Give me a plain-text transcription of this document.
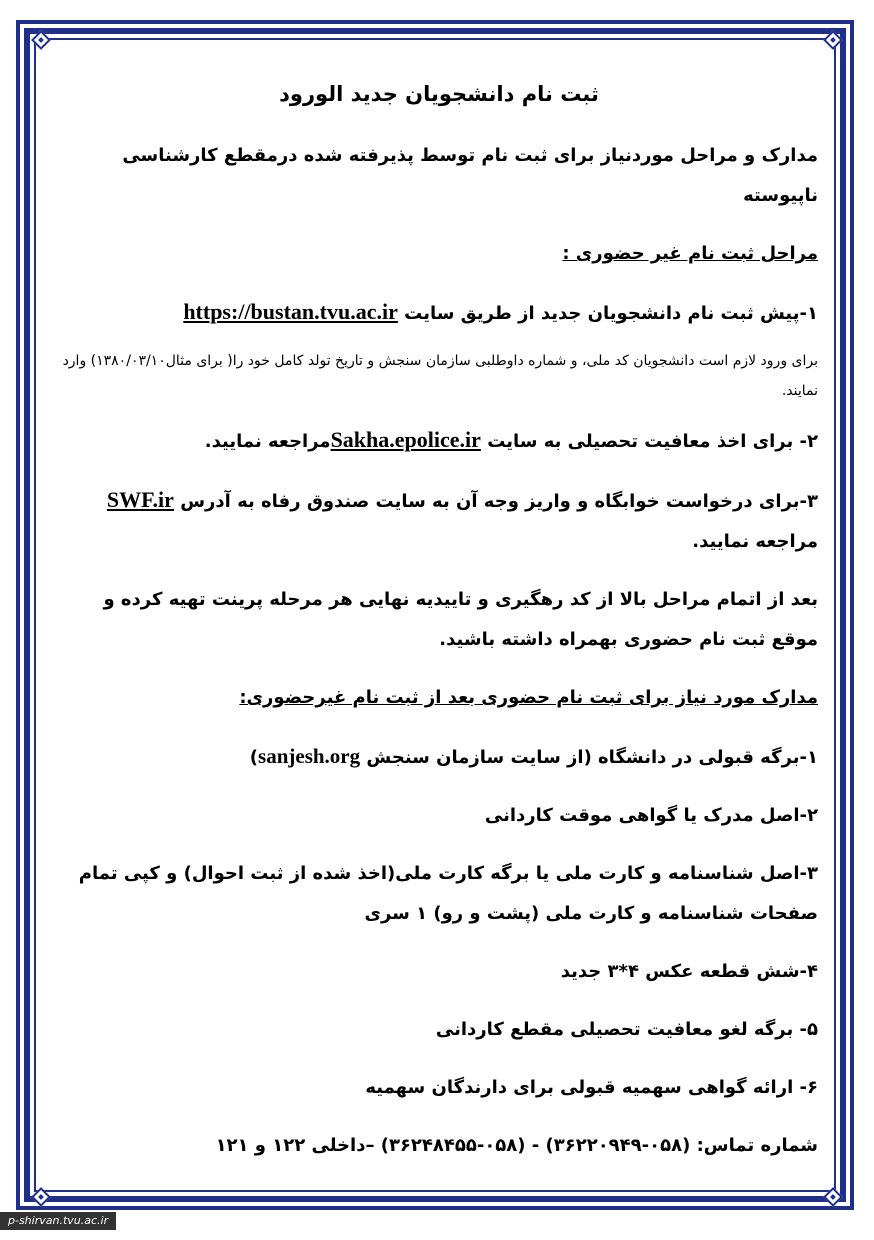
ثبت نام دانشجویان جدید الورود

مدارک و مراحل موردنیاز برای ثبت نام توسط پذیرفته شده درمقطع کارشناسی ناپیوسته

مراحل ثبت نام غیر حضوری :

۱-پیش ثبت نام دانشجویان جدید از طریق سایت https://bustan.tvu.ac.ir

برای ورود لازم است دانشجویان کد ملی، و شماره داوطلبی سازمان سنجش و تاریخ تولد کامل خود را( برای مثال۱۳۸۰/۰۳/۱۰) وارد نمایند.

۲- برای اخذ معافیت تحصیلی به سایت Sakha.epolice.irمراجعه نمایید.

۳-برای درخواست خوابگاه و واریز وجه آن به سایت صندوق رفاه به آدرس SWF.ir مراجعه نمایید.

بعد از اتمام مراحل بالا از کد رهگیری و تاییدیه نهایی هر مرحله پرینت تهیه کرده و موقع ثبت نام حضوری بهمراه داشته باشید.

مدارک مورد نیاز برای ثبت نام حضوری بعد از ثبت نام غیرحضوری:

۱-برگه قبولی در دانشگاه (از سایت سازمان سنجش sanjesh.org)

۲-اصل مدرک یا گواهی موقت کاردانی

۳-اصل شناسنامه و کارت ملی یا برگه کارت ملی(اخذ شده از ثبت احوال) و کپی تمام صفحات شناسنامه و کارت ملی (پشت و رو) ۱ سری

۴-شش قطعه عکس ۴*۳ جدید

۵- برگه لغو معافیت تحصیلی مقطع کاردانی

۶- ارائه گواهی سهمیه قبولی برای دارندگان سهمیه

شماره تماس: (۰۵۸-۳۶۲۲۰۹۴۹) - (۰۵۸-۳۶۲۴۸۴۵۵) –داخلی ۱۲۲ و ۱۲۱

p-shirvan.tvu.ac.ir
